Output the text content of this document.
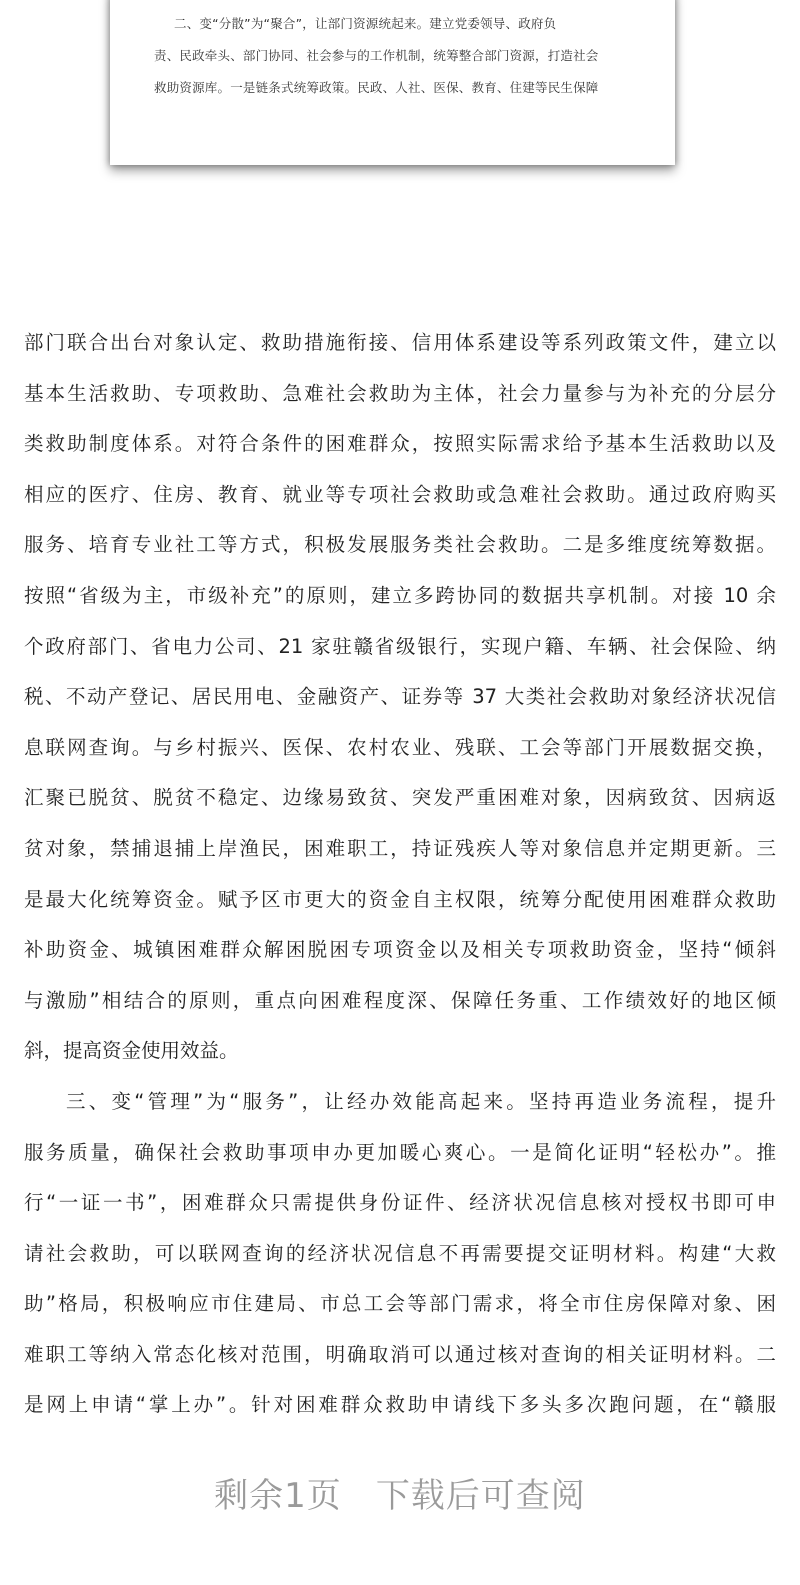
二、变“分散”为“聚合”，让部门资源统起来。建立党委领导、政府负
责、民政牵头、部门协同、社会参与的工作机制，统筹整合部门资源，打造社会
救助资源库。一是链条式统筹政策。民政、人社、医保、教育、住建等民生保障
部门联合出台对象认定、救助措施衔接、信用体系建设等系列政策文件，建立以
基本生活救助、专项救助、急难社会救助为主体，社会力量参与为补充的分层分
类救助制度体系。对符合条件的困难群众，按照实际需求给予基本生活救助以及
相应的医疗、住房、教育、就业等专项社会救助或急难社会救助。通过政府购买
服务、培育专业社工等方式，积极发展服务类社会救助。二是多维度统筹数据。
按照“省级为主，市级补充”的原则，建立多跨协同的数据共享机制。对接 10 余
个政府部门、省电力公司、21 家驻赣省级银行，实现户籍、车辆、社会保险、纳
税、不动产登记、居民用电、金融资产、证券等 37 大类社会救助对象经济状况信
息联网查询。与乡村振兴、医保、农村农业、残联、工会等部门开展数据交换，
汇聚已脱贫、脱贫不稳定、边缘易致贫、突发严重困难对象，因病致贫、因病返
贫对象，禁捕退捕上岸渔民，困难职工，持证残疾人等对象信息并定期更新。三
是最大化统筹资金。赋予区市更大的资金自主权限，统筹分配使用困难群众救助
补助资金、城镇困难群众解困脱困专项资金以及相关专项救助资金，坚持“倾斜
与激励”相结合的原则，重点向困难程度深、保障任务重、工作绩效好的地区倾
斜，提高资金使用效益。
三、变“管理”为“服务”，让经办效能高起来。坚持再造业务流程，提升
服务质量，确保社会救助事项申办更加暖心爽心。一是简化证明“轻松办”。推
行“一证一书”，困难群众只需提供身份证件、经济状况信息核对授权书即可申
请社会救助，可以联网查询的经济状况信息不再需要提交证明材料。构建“大救
助”格局，积极响应市住建局、市总工会等部门需求，将全市住房保障对象、困
难职工等纳入常态化核对范围，明确取消可以通过核对查询的相关证明材料。二
是网上申请“掌上办”。针对困难群众救助申请线下多头多次跑问题，在“赣服
剩余1页 下载后可查阅
